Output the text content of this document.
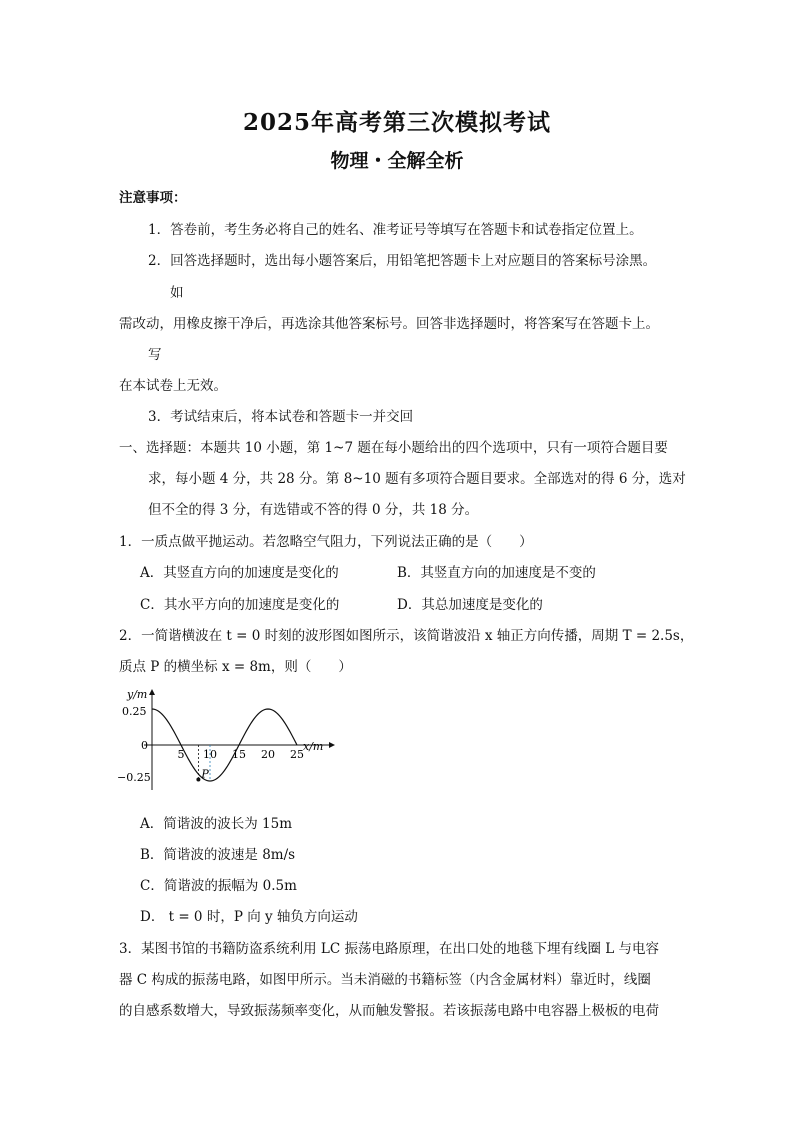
2025年高考第三次模拟考试
物理・全解全析
注意事项：
1．答卷前，考生务必将自己的姓名、准考证号等填写在答题卡和试卷指定位置上。
2．回答选择题时，选出每小题答案后，用铅笔把答题卡上对应题目的答案标号涂黑。
如
需改动，用橡皮擦干净后，再选涂其他答案标号。回答非选择题时，将答案写在答题卡上。
写
在本试卷上无效。
3．考试结束后，将本试卷和答题卡一并交回
一、选择题：本题共 10 小题，第 1~7 题在每小题给出的四个选项中，只有一项符合题目要
求，每小题 4 分，共 28 分。第 8~10 题有多项符合题目要求。全部选对的得 6 分，选对
但不全的得 3 分，有选错或不答的得 0 分，共 18 分。
1．一质点做平抛运动。若忽略空气阻力，下列说法正确的是（　　）
A．其竖直方向的加速度是变化的	B．其竖直方向的加速度是不变的
C．其水平方向的加速度是变化的	D．其总加速度是变化的
2．一简谐横波在 t = 0 时刻的波形图如图所示，该简谐波沿 x 轴正方向传播，周期 T = 2.5s，
质点 P 的横坐标 x = 8m，则（　　）
y/m
x/m
0.25
0
−0.25
5 10 15 20 25
P
A．简谐波的波长为 15m
B．简谐波的波速是 8m/s
C．简谐波的振幅为 0.5m
D． t = 0 时，P 向 y 轴负方向运动
3．某图书馆的书籍防盗系统利用 LC 振荡电路原理，在出口处的地毯下埋有线圈 L 与电容
器 C 构成的振荡电路，如图甲所示。当未消磁的书籍标签（内含金属材料）靠近时，线圈
的自感系数增大，导致振荡频率变化，从而触发警报。若该振荡电路中电容器上极板的电荷
